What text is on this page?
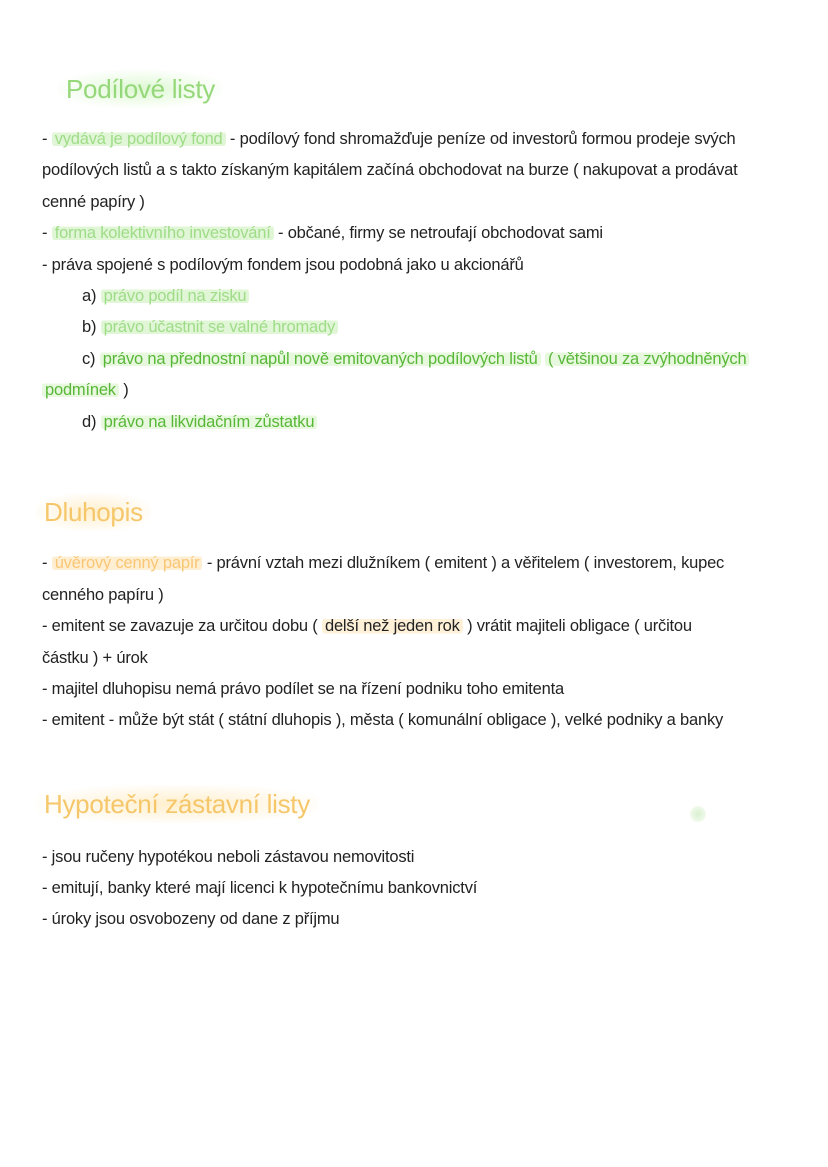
Podílové listy
- vydává je podílový fond - podílový fond shromažďuje peníze od investorů formou prodeje svých
podílových listů a s takto získaným kapitálem začíná obchodovat na burze ( nakupovat a prodávat
cenné papíry )
- forma kolektivního investování - občané, firmy se netroufají obchodovat sami
- práva spojené s podílovým fondem jsou podobná jako u akcionářů
a) právo podíl na zisku
b) právo účastnit se valné hromady
c) právo na přednostní napůl nově emitovaných podílových listů ( většinou za zvýhodněných
podmínek )
d) právo na likvidačním zůstatku
Dluhopis
- úvěrový cenný papír - právní vztah mezi dlužníkem ( emitent ) a věřitelem ( investorem, kupec
cenného papíru )
- emitent se zavazuje za určitou dobu ( delší než jeden rok ) vrátit majiteli obligace ( určitou
částku ) + úrok
- majitel dluhopisu nemá právo podílet se na řízení podniku toho emitenta
- emitent - může být stát ( státní dluhopis ), města ( komunální obligace ), velké podniky a banky
Hypoteční zástavní listy
- jsou ručeny hypotékou neboli zástavou nemovitosti
- emitují, banky které mají licenci k hypotečnímu bankovnictví
- úroky jsou osvobozeny od dane z příjmu
